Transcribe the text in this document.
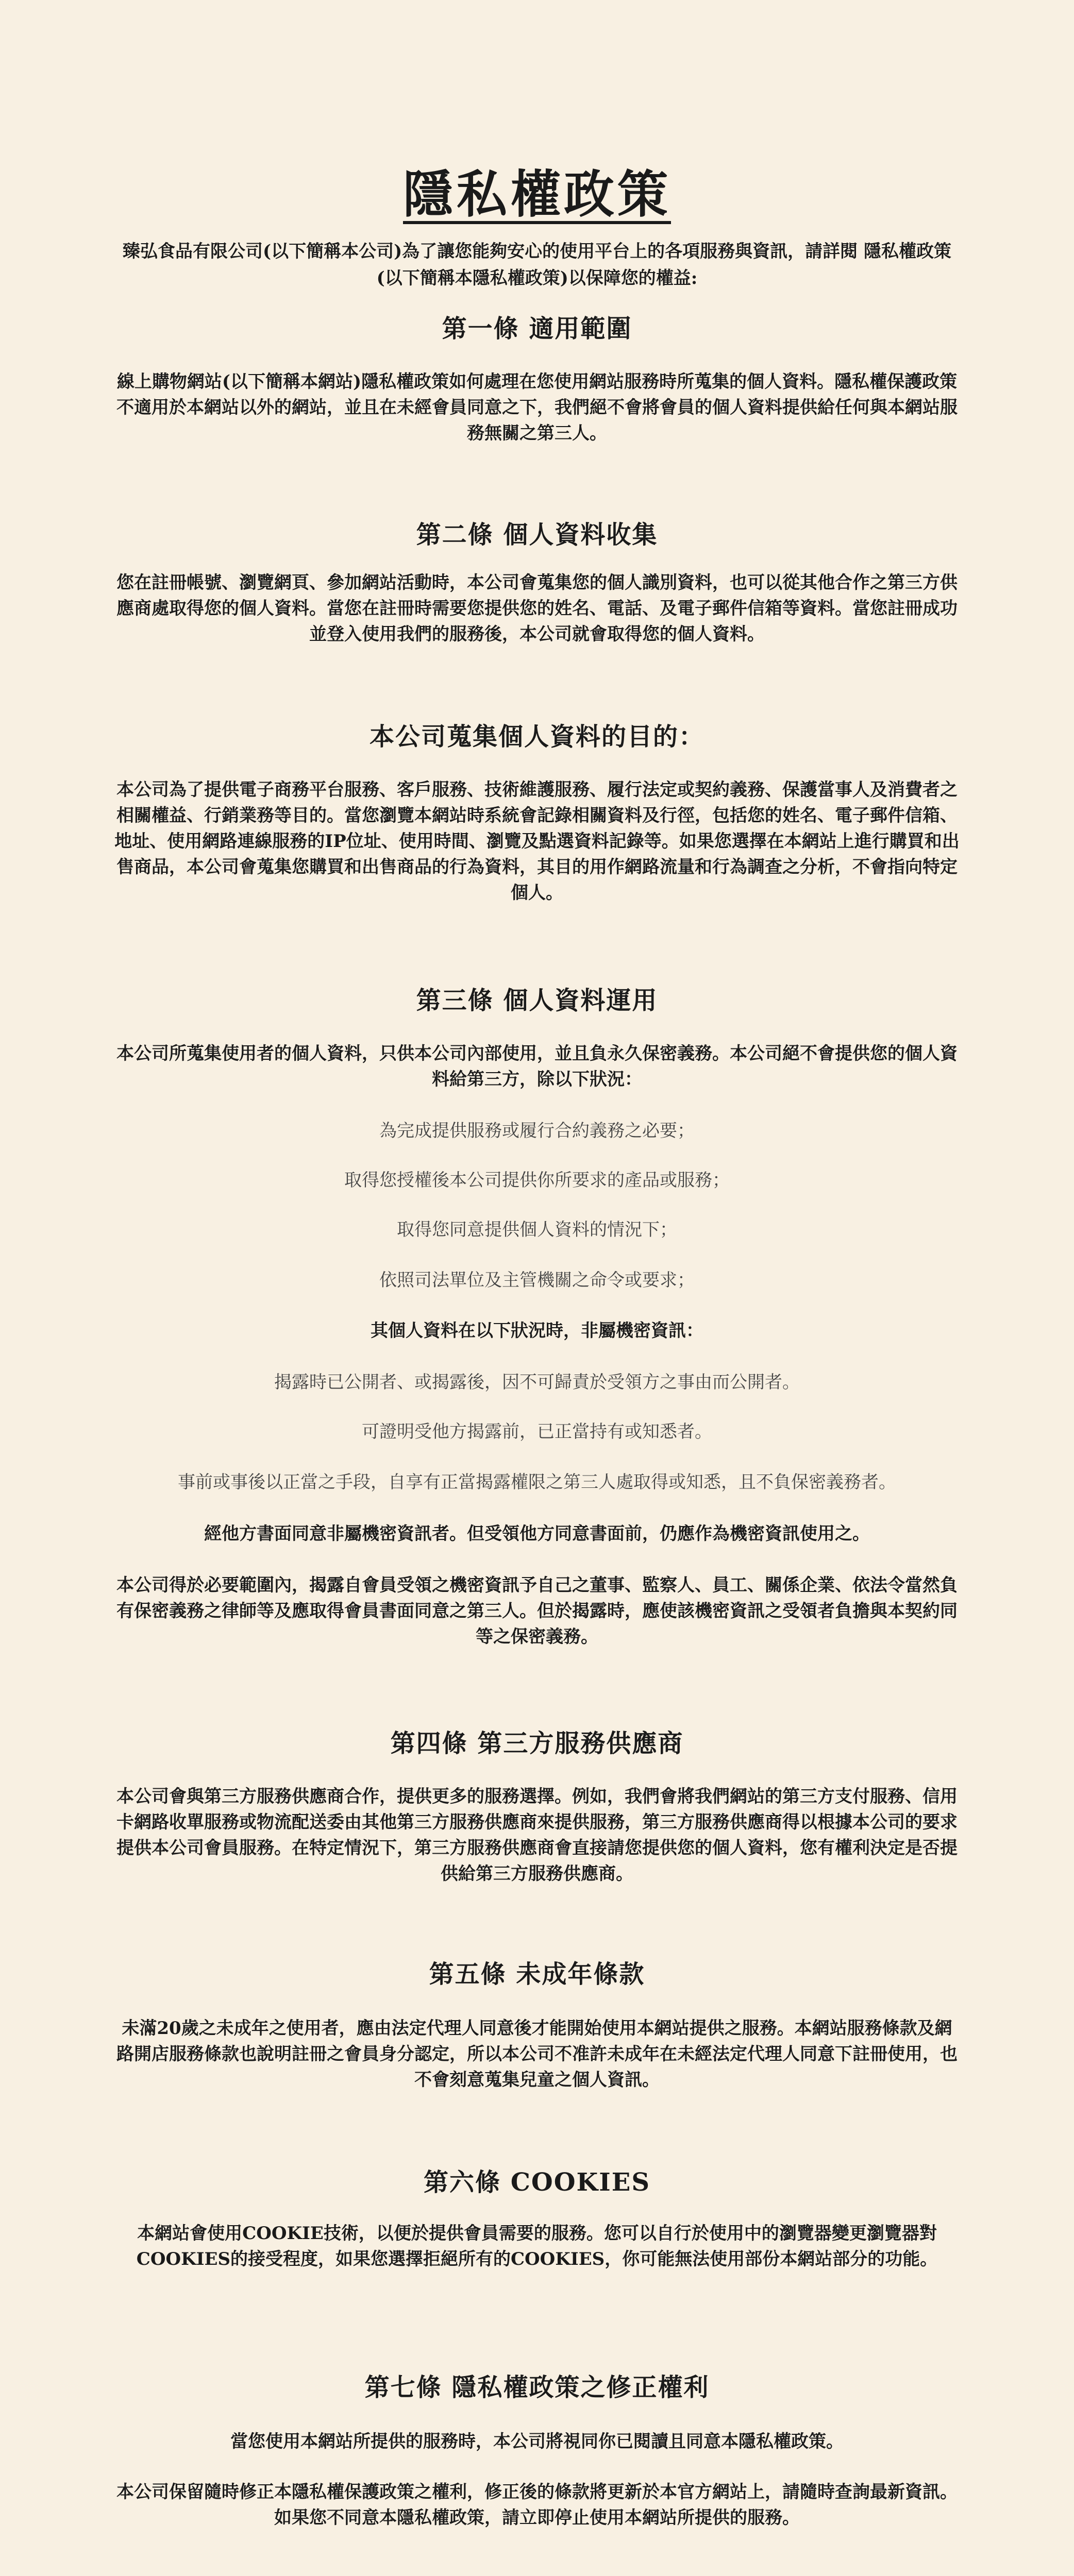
隱私權政策
臻弘食品有限公司(以下簡稱本公司)為了讓您能夠安心的使用平台上的各項服務與資訊，請詳閱 隱私權政策(以下簡稱本隱私權政策)以保障您的權益:
第一條 適用範圍
線上購物網站(以下簡稱本網站)隱私權政策如何處理在您使用網站服務時所蒐集的個人資料。隱私權保護政策不適用於本網站以外的網站，並且在未經會員同意之下，我們絕不會將會員的個人資料提供給任何與本網站服務無關之第三人。
第二條 個人資料收集
您在註冊帳號、瀏覽網頁、參加網站活動時，本公司會蒐集您的個人識別資料，也可以從其他合作之第三方供應商處取得您的個人資料。當您在註冊時需要您提供您的姓名、電話、及電子郵件信箱等資料。當您註冊成功並登入使用我們的服務後，本公司就會取得您的個人資料。
本公司蒐集個人資料的目的：
本公司為了提供電子商務平台服務、客戶服務、技術維護服務、履行法定或契約義務、保護當事人及消費者之相關權益、行銷業務等目的。當您瀏覽本網站時系統會記錄相關資料及行徑，包括您的姓名、電子郵件信箱、地址、使用網路連線服務的IP位址、使用時間、瀏覽及點選資料記錄等。如果您選擇在本網站上進行購買和出售商品，本公司會蒐集您購買和出售商品的行為資料，其目的用作網路流量和行為調查之分析，不會指向特定個人。
第三條 個人資料運用
本公司所蒐集使用者的個人資料，只供本公司內部使用，並且負永久保密義務。本公司絕不會提供您的個人資料給第三方，除以下狀況：
為完成提供服務或履行合約義務之必要；
取得您授權後本公司提供你所要求的產品或服務；
取得您同意提供個人資料的情況下；
依照司法單位及主管機關之命令或要求；
其個人資料在以下狀況時，非屬機密資訊：
揭露時已公開者、或揭露後，因不可歸責於受領方之事由而公開者。
可證明受他方揭露前，已正當持有或知悉者。
事前或事後以正當之手段，自享有正當揭露權限之第三人處取得或知悉，且不負保密義務者。
經他方書面同意非屬機密資訊者。但受領他方同意書面前，仍應作為機密資訊使用之。
本公司得於必要範圍內，揭露自會員受領之機密資訊予自己之董事、監察人、員工、關係企業、依法令當然負有保密義務之律師等及應取得會員書面同意之第三人。但於揭露時，應使該機密資訊之受領者負擔與本契約同等之保密義務。
第四條 第三方服務供應商
本公司會與第三方服務供應商合作，提供更多的服務選擇。例如，我們會將我們網站的第三方支付服務、信用卡網路收單服務或物流配送委由其他第三方服務供應商來提供服務，第三方服務供應商得以根據本公司的要求提供本公司會員服務。在特定情況下，第三方服務供應商會直接請您提供您的個人資料，您有權利決定是否提供給第三方服務供應商。
第五條 未成年條款
未滿20歲之未成年之使用者，應由法定代理人同意後才能開始使用本網站提供之服務。本網站服務條款及網路開店服務條款也說明註冊之會員身分認定，所以本公司不准許未成年在未經法定代理人同意下註冊使用，也不會刻意蒐集兒童之個人資訊。
第六條 COOKIES
本網站會使用COOKIE技術，以便於提供會員需要的服務。您可以自行於使用中的瀏覽器變更瀏覽器對COOKIES的接受程度，如果您選擇拒絕所有的COOKIES，你可能無法使用部份本網站部分的功能。
第七條 隱私權政策之修正權利
當您使用本網站所提供的服務時，本公司將視同你已閱讀且同意本隱私權政策。
本公司保留隨時修正本隱私權保護政策之權利，修正後的條款將更新於本官方網站上，請隨時查詢最新資訊。如果您不同意本隱私權政策，請立即停止使用本網站所提供的服務。
